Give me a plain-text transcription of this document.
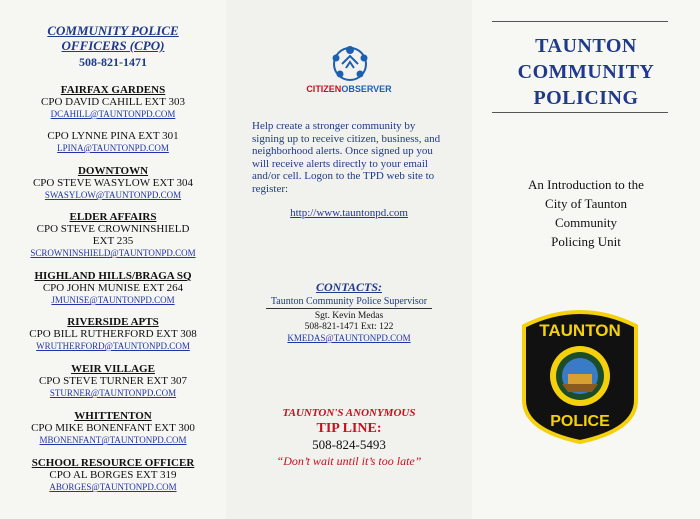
COMMUNITY POLICE
OFFICERS (CPO)
508-821-1471
FAIRFAX GARDENS
CPO DAVID CAHILL EXT 303
DCAHILL@TAUNTONPD.COM
CPO LYNNE PINA EXT 301
LPINA@TAUNTONPD.COM
DOWNTOWN
CPO STEVE WASYLOW EXT 304
SWASYLOW@TAUNTONPD.COM
ELDER AFFAIRS
CPO STEVE CROWNINSHIELD
EXT 235
SCROWNINSHIELD@TAUNTONPD.COM
HIGHLAND HILLS/BRAGA SQ
CPO JOHN MUNISE EXT 264
JMUNISE@TAUNTONPD.COM
RIVERSIDE APTS
CPO BILL RUTHERFORD EXT 308
WRUTHERFORD@TAUNTONPD.COM
WEIR VILLAGE
CPO STEVE TURNER EXT 307
STURNER@TAUNTONPD.COM
WHITTENTON
CPO MIKE BONENFANT EXT 300
MBONENFANT@TAUNTONPD.COM
SCHOOL RESOURCE OFFICER
CPO AL BORGES EXT 319
ABORGES@TAUNTONPD.COM
CITIZENOBSERVER
Help create a stronger community by signing up to receive citizen, business, and neighborhood alerts. Once signed up you will receive alerts directly to your email and/or cell. Logon to the TPD web site to register:
http://www.tauntonpd.com
CONTACTS:
Taunton Community Police Supervisor
Sgt. Kevin Medas
508-821-1471 Ext: 122
KMEDAS@TAUNTONPD.COM
TAUNTON'S ANONYMOUS
TIP LINE:
508-824-5493
“Don’t wait until it’s too late”
TAUNTON
COMMUNITY
POLICING
An Introduction to the
City of Taunton
Community
Policing Unit
TAUNTON
POLICE
